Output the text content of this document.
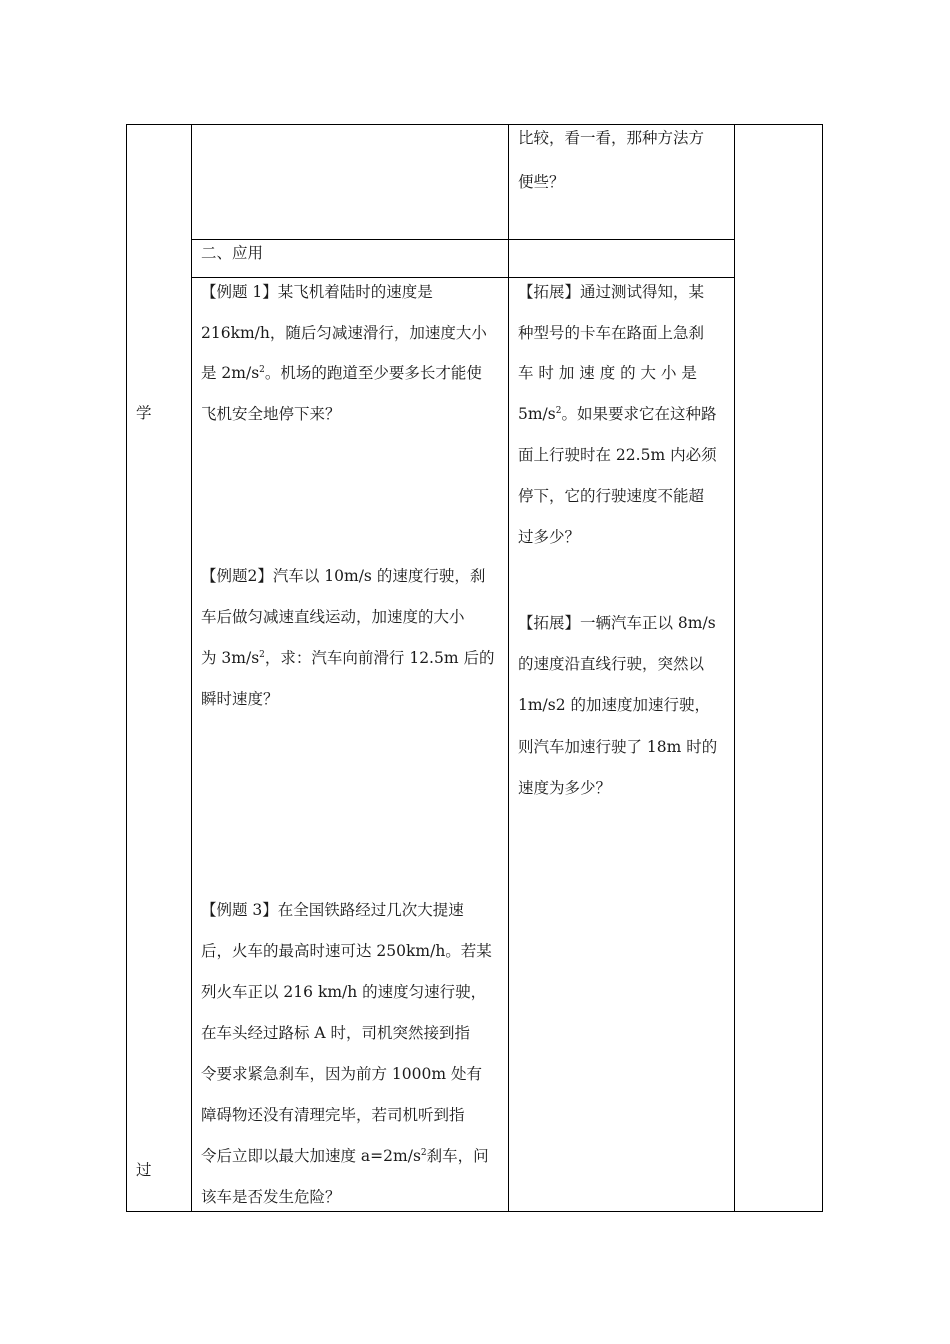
学
过
比较，看一看，那种方法方
便些？
二、应用
【例题 1】某飞机着陆时的速度是
216km/h，随后匀减速滑行，加速度大小
是 $2m/s^2$。机场的跑道至少要多长才能使
飞机安全地停下来？
【例题2】汽车以 10m/s 的速度行驶，刹
车后做匀减速直线运动，加速度的大小
为 $3m/s^2$，求：汽车向前滑行 12.5m 后的
瞬时速度？
【例题 3】在全国铁路经过几次大提速
后，火车的最高时速可达 250km/h。若某
列火车正以 216 km/h 的速度匀速行驶，
在车头经过路标 A 时，司机突然接到指
令要求紧急刹车，因为前方 1000m 处有
障碍物还没有清理完毕，若司机听到指
令后立即以最大加速度 $a=2m/s^2$刹车，问
该车是否发生危险？
【拓展】通过测试得知，某
种型号的卡车在路面上急刹
车 时 加 速 度 的 大 小 是
$5m/s^2$。如果要求它在这种路
面上行驶时在 22.5m 内必须
停下，它的行驶速度不能超
过多少？
【拓展】一辆汽车正以 8m/s
的速度沿直线行驶，突然以
1m/s2 的加速度加速行驶，
则汽车加速行驶了 18m 时的
速度为多少？
